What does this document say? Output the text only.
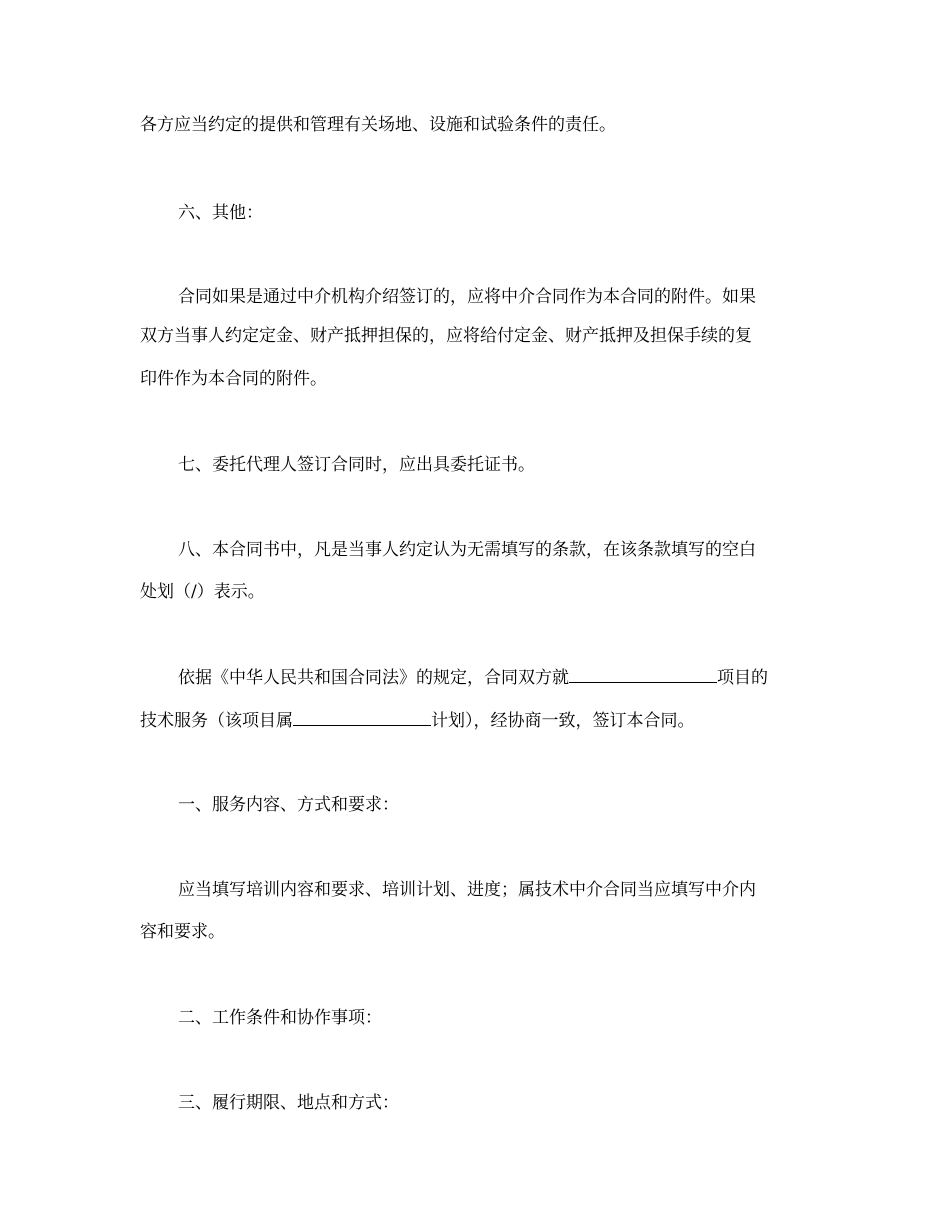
各方应当约定的提供和管理有关场地、设施和试验条件的责任。
六、其他：
合同如果是通过中介机构介绍签订的，应将中介合同作为本合同的附件。如果
双方当事人约定定金、财产抵押担保的，应将给付定金、财产抵押及担保手续的复
印件作为本合同的附件。
七、委托代理人签订合同时，应出具委托证书。
八、本合同书中，凡是当事人约定认为无需填写的条款，在该条款填写的空白
处划（/）表示。
依据《中华人民共和国合同法》的规定，合同双方就	项目的
技术服务（该项目属	计划），经协商一致，签订本合同。
一、服务内容、方式和要求：
应当填写培训内容和要求、培训计划、进度；属技术中介合同当应填写中介内
容和要求。
二、工作条件和协作事项：
三、履行期限、地点和方式：
